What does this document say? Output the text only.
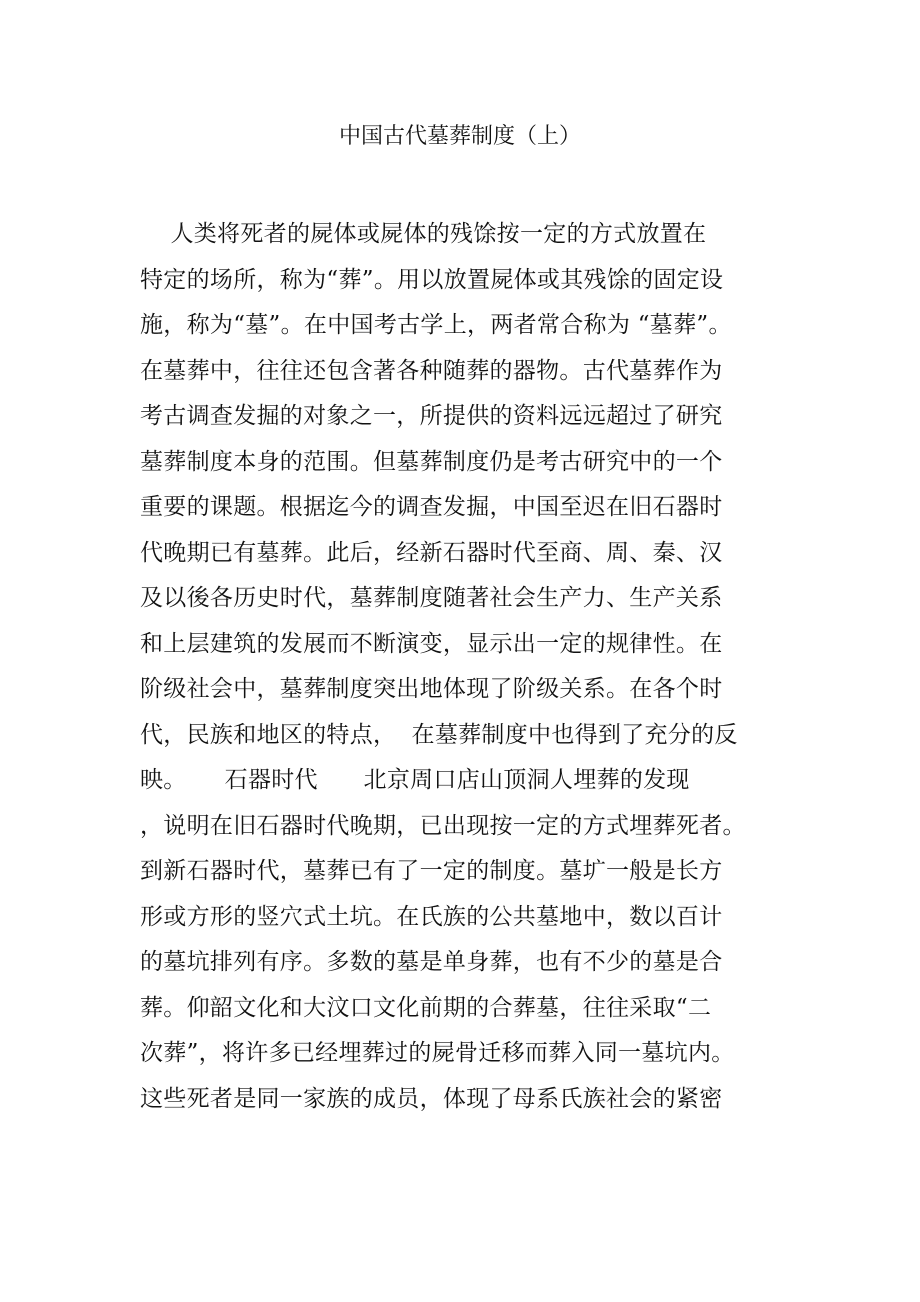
中国古代墓葬制度（上）
人类将死者的屍体或屍体的残馀按一定的方式放置在
特定的场所，称为“葬”。用以放置屍体或其残馀的固定设
施，称为“墓”。在中国考古学上，两者常合称为 “墓葬”。
在墓葬中，往往还包含著各种随葬的器物。古代墓葬作为
考古调查发掘的对象之一，所提供的资料远远超过了研究
墓葬制度本身的范围。但墓葬制度仍是考古研究中的一个
重要的课题。根据迄今的调查发掘，中国至迟在旧石器时
代晚期已有墓葬。此后，经新石器时代至商、周、秦、汉
及以後各历史时代，墓葬制度随著社会生产力、生产关系
和上层建筑的发展而不断演变，显示出一定的规律性。在
阶级社会中，墓葬制度突出地体现了阶级关系。在各个时
代，民族和地区的特点，  在墓葬制度中也得到了充分的反
映。     石器时代      北京周口店山顶洞人埋葬的发现
，说明在旧石器时代晚期，已出现按一定的方式埋葬死者。
到新石器时代，墓葬已有了一定的制度。墓圹一般是长方
形或方形的竖穴式土坑。在氏族的公共墓地中，数以百计
的墓坑排列有序。多数的墓是单身葬，也有不少的墓是合
葬。仰韶文化和大汶口文化前期的合葬墓，往往采取“二
次葬”，将许多已经埋葬过的屍骨迁移而葬入同一墓坑内。
这些死者是同一家族的成员，体现了母系氏族社会的紧密
